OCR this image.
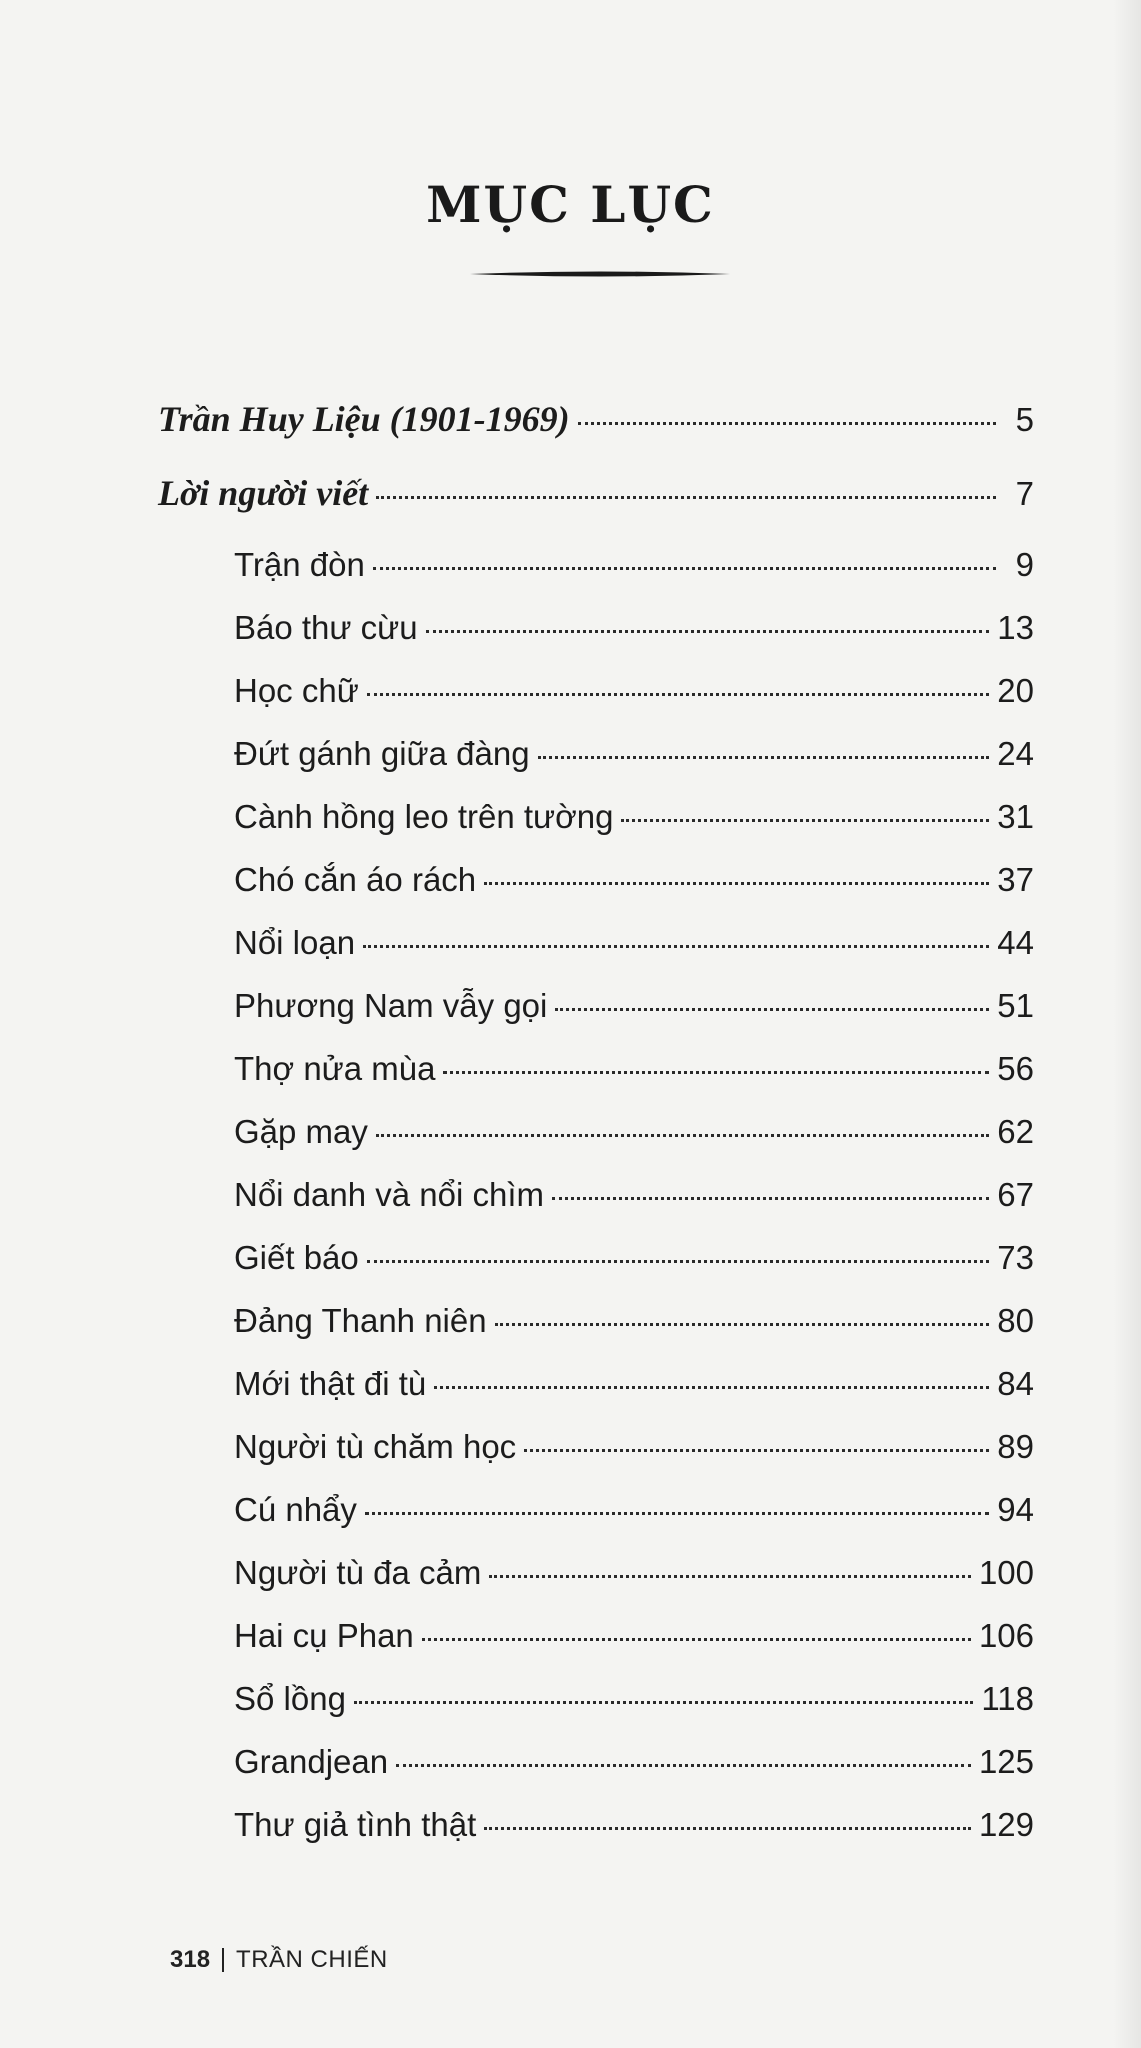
MỤC LỤC
Trần Huy Liệu (1901-1969)	5
Lời người viết	7
Trận đòn	9
Báo thư cừu	13
Học chữ	20
Đứt gánh giữa đàng	24
Cành hồng leo trên tường	31
Chó cắn áo rách	37
Nổi loạn	44
Phương Nam vẫy gọi	51
Thợ nửa mùa	56
Gặp may	62
Nổi danh và nổi chìm	67
Giết báo	73
Đảng Thanh niên	80
Mới thật đi tù	84
Người tù chăm học	89
Cú nhẩy	94
Người tù đa cảm	100
Hai cụ Phan	106
Sổ lồng	118
Grandjean	125
Thư giả tình thật	129
318 TRẦN CHIẾN
